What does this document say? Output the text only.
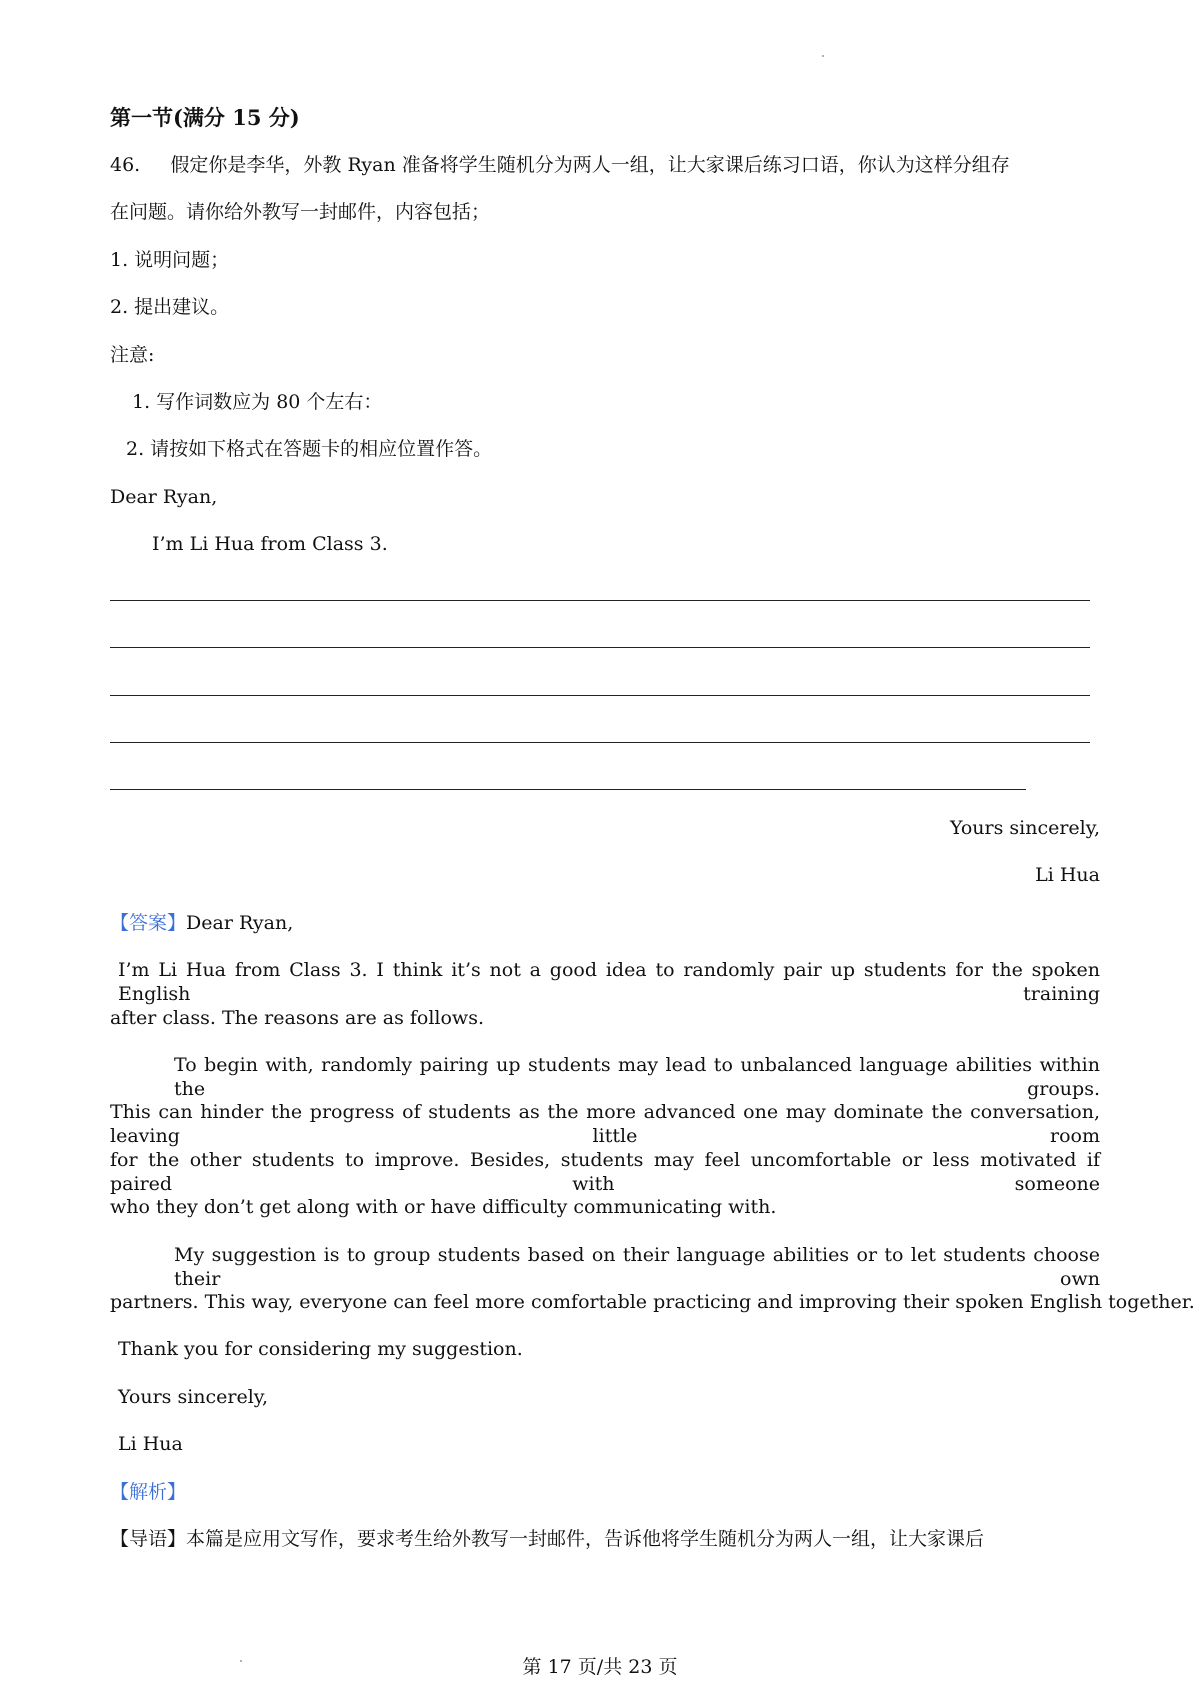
第一节(满分 15 分)
46. 假定你是李华，外教 Ryan 准备将学生随机分为两人一组，让大家课后练习口语，你认为这样分组存
在问题。请你给外教写一封邮件，内容包括；
1. 说明问题；
2. 提出建议。
注意:
1. 写作词数应为 80 个左右：
2. 请按如下格式在答题卡的相应位置作答。
Dear Ryan,
I’m Li Hua from Class 3.
Yours sincerely,
Li Hua
【答案】Dear Ryan,
I’m Li Hua from Class 3. I think it’s not a good idea to randomly pair up students for the spoken English training
after class. The reasons are as follows.
To begin with, randomly pairing up students may lead to unbalanced language abilities within the groups.
This can hinder the progress of students as the more advanced one may dominate the conversation, leaving little room
for the other students to improve. Besides, students may feel uncomfortable or less motivated if paired with someone
who they don’t get along with or have difficulty communicating with.
My suggestion is to group students based on their language abilities or to let students choose their own
partners. This way, everyone can feel more comfortable practicing and improving their spoken English together.
Thank you for considering my suggestion.
Yours sincerely,
Li Hua
【解析】
【导语】本篇是应用文写作，要求考生给外教写一封邮件，告诉他将学生随机分为两人一组，让大家课后
第 17 页/共 23 页
